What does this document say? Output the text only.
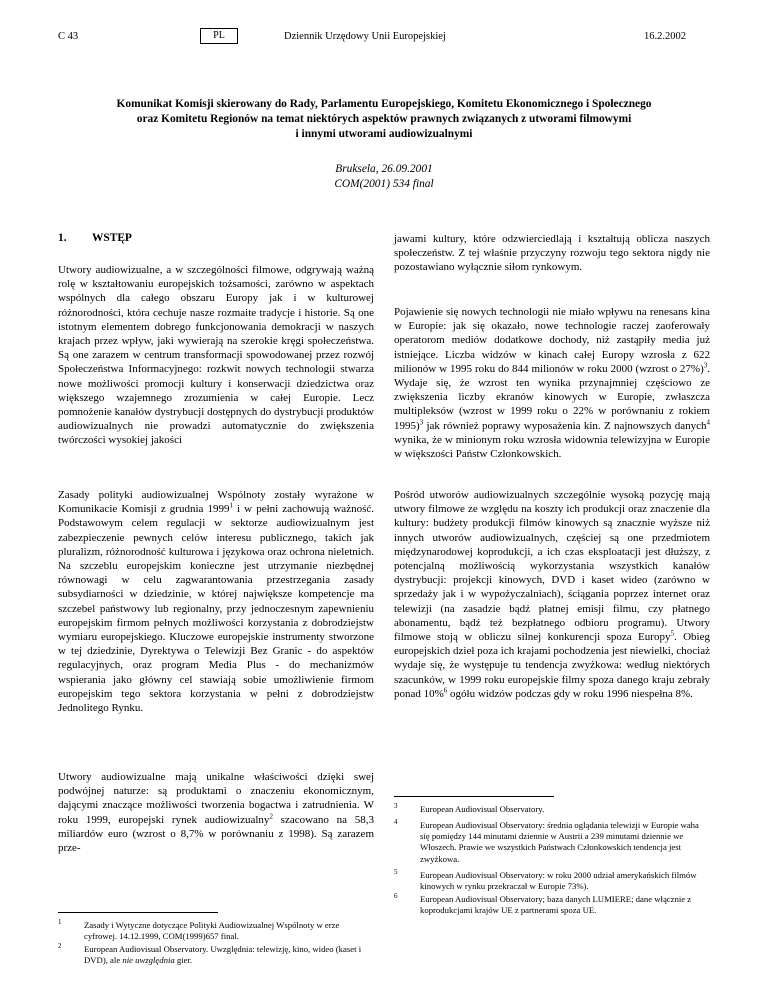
C 43	PL	Dziennik Urzędowy Unii Europejskiej	16.2.2002
Komunikat Komisji skierowany do Rady, Parlamentu Europejskiego, Komitetu Ekonomicznego i Społecznego
oraz Komitetu Regionów na temat niektórych aspektów prawnych związanych z utworami filmowymi
i innymi utworami audiowizualnymi
Bruksela, 26.09.2001
COM(2001) 534 final
1. WSTĘP

Utwory audiowizualne, a w szczególności filmowe, odgrywają ważną rolę w kształtowaniu europejskich tożsamości, zarówno w aspektach wspólnych dla całego obszaru Europy jak i w kulturowej różnorodności, która cechuje nasze rozmaite tradycje i historie. Są one istotnym elementem dobrego funkcjonowania demokracji w naszych krajach przez wpływ, jaki wywierają na szerokie kręgi społeczeństwa. Są one zarazem w centrum transformacji spowodowanej przez rozwój Społeczeństwa Informacyjnego: rozkwit nowych technologii stwarza nowe możliwości promocji kultury i konserwacji dziedzictwa oraz większego wzajemnego zrozumienia w całej Europie. Lecz pomnożenie kanałów dystrybucji dostępnych do dystrybucji produktów audiowizualnych nie prowadzi automatycznie do zwiększenia twórczości wysokiej jakości

Zasady polityki audiowizualnej Wspólnoty zostały wyrażone w Komunikacie Komisji z grudnia 1999$^1$ i w pełni zachowują ważność. Podstawowym celem regulacji w sektorze audiowizualnym jest zabezpieczenie pewnych celów interesu publicznego, takich jak pluralizm, różnorodność kulturowa i językowa oraz ochrona nieletnich. Na szczeblu europejskim konieczne jest utrzymanie niezbędnej równowagi w celu zagwarantowania przestrzegania zasady subsydiarności w dziedzinie, w której największe kompetencje ma szczebel państwowy lub regionalny, przy jednoczesnym zapewnieniu europejskim firmom pełnych możliwości korzystania z dobrodziejstw wymiaru europejskiego. Kluczowe europejskie instrumenty stworzone w tej dziedzinie, Dyrektywa o Telewizji Bez Granic - do aspektów regulacyjnych, oraz program Media Plus - do mechanizmów wspierania jako główny cel stawiają sobie umożliwienie firmom europejskim tego sektora korzystania w pełni z dobrodziejstw Jednolitego Rynku.

Utwory audiowizualne mają unikalne właściwości dzięki swej podwójnej naturze: są produktami o znaczeniu ekonomicznym, dającymi znaczące możliwości tworzenia bogactwa i zatrudnienia. W roku 1999, europejski rynek audiowizualny$^2$ szacowano na 58,3 miliardów euro (wzrost o 8,7% w porównaniu z 1998). Są zarazem prze-

jawami kultury, które odzwierciedlają i kształtują oblicza naszych społeczeństw. Z tej właśnie przyczyny rozwoju tego sektora nigdy nie pozostawiano wyłącznie siłom rynkowym.

Pojawienie się nowych technologii nie miało wpływu na renesans kina w Europie: jak się okazało, nowe technologie raczej zaoferowały operatorom mediów dodatkowe dochody, niż zastąpiły media już istniejące. Liczba widzów w kinach całej Europy wzrosła z 622 milionów w 1995 roku do 844 milionów w roku 2000 (wzrost o 27%)$^3$. Wydaje się, że wzrost ten wynika przynajmniej częściowo ze zwiększenia liczby ekranów kinowych w Europie, zwłaszcza multipleksów (wzrost w 1999 roku o 22% w porównaniu z rokiem 1995)$^3$ jak również poprawy wyposażenia kin. Z najnowszych danych$^4$ wynika, że w minionym roku wzrosła widownia telewizyjna w Europie w większości Państw Członkowskich.

Pośród utworów audiowizualnych szczególnie wysoką pozycję mają utwory filmowe ze względu na koszty ich produkcji oraz znaczenie dla kultury: budżety produkcji filmów kinowych są znacznie wyższe niż innych utworów audiowizualnych, częściej są one przedmiotem międzynarodowej koprodukcji, a ich czas eksploatacji jest dłuższy, z potencjalną możliwością wykorzystania wszystkich kanałów dystrybucji: projekcji kinowych, DVD i kaset wideo (zarówno w sprzedaży jak i w wypożyczalniach), ściągania poprzez internet oraz telewizji (na zasadzie bądź płatnej emisji filmu, czy płatnego abonamentu, bądź też bezpłatnego odbioru programu). Utwory filmowe stoją w obliczu silnej konkurencji spoza Europy$^5$. Obieg europejskich dzieł poza ich krajami pochodzenia jest niewielki, chociaż wydaje się, że występuje tu tendencja zwyżkowa: według niektórych szacunków, w 1999 roku europejskie filmy spoza danego kraju zebrały ponad 10%$^6$ ogółu widzów podczas gdy w roku 1996 niespełna 8%.

1	Zasady i Wytyczne dotyczące Polityki Audiowizualnej Wspólnoty w erze cyfrowej. 14.12.1999, COM(1999)657 final.
2	European Audiovisual Observatory. Uwzględnia: telewizję, kino, wideo (kaset i DVD), ale nie uwzględnia gier.
3	European Audiovisual Observatory.
4	European Audiovisual Observatory: średnia oglądania telewizji w Europie waha się pomiędzy 144 minutami dziennie w Austrii a 239 minutami dziennie we Włoszech. Prawie we wszystkich Państwach Członkowskich tendencja jest zwyżkowa.
5	European Audiovisual Observatory: w roku 2000 udział amerykańskich filmów kinowych w rynku przekraczał w Europie 73%).
6	European Audiovisual Observatory; baza danych LUMIERE; dane włącznie z koprodukcjami krajów UE z partnerami spoza UE.
